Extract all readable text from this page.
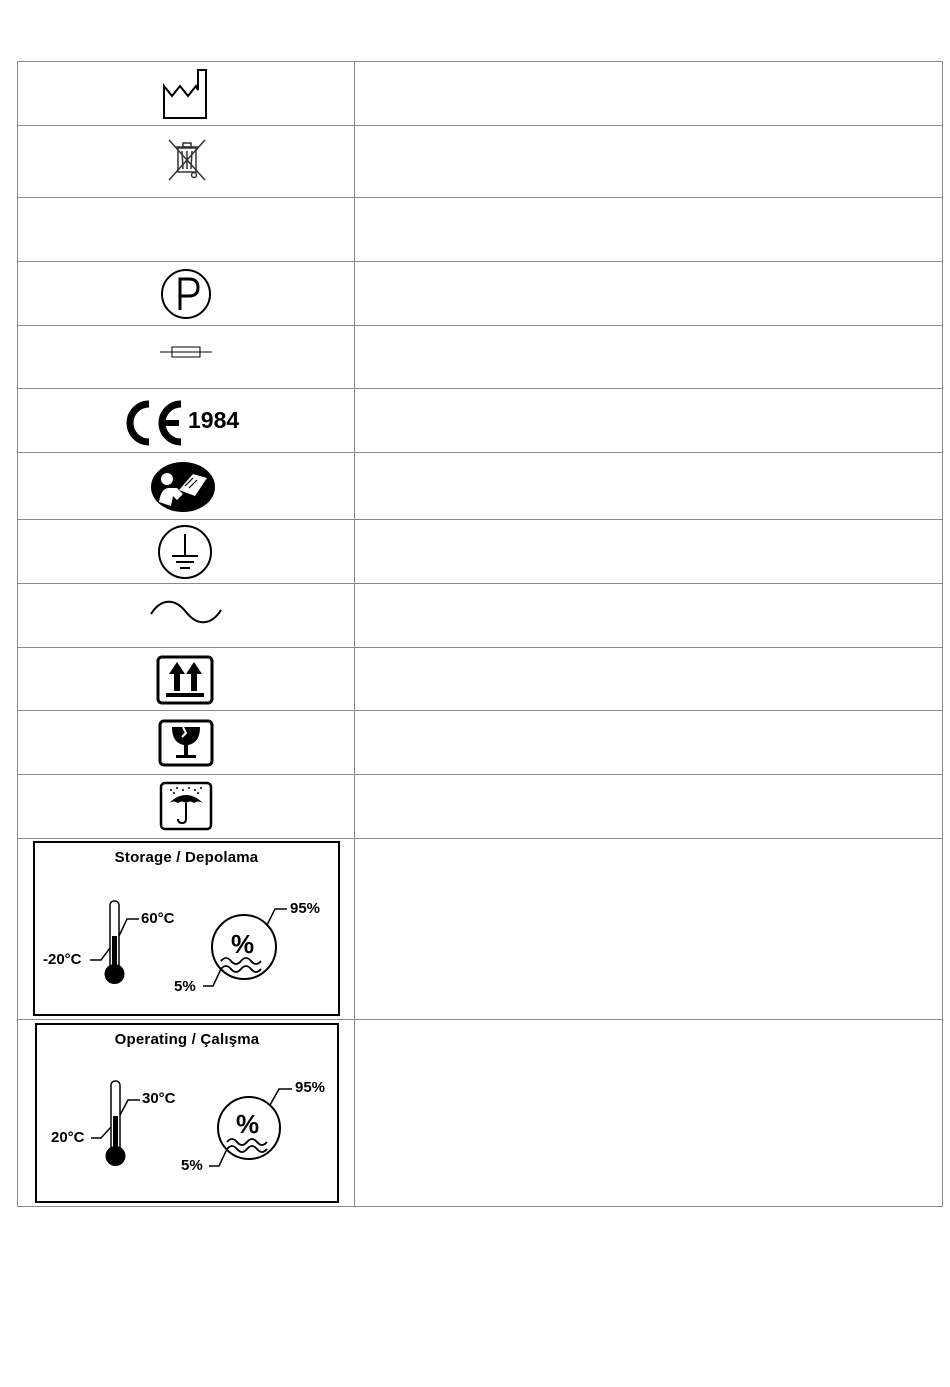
1984
Storage / Depolama
-20°C
60°C
%
95%
5%
Operating / Çalışma
20°C
30°C
%
95%
5%
